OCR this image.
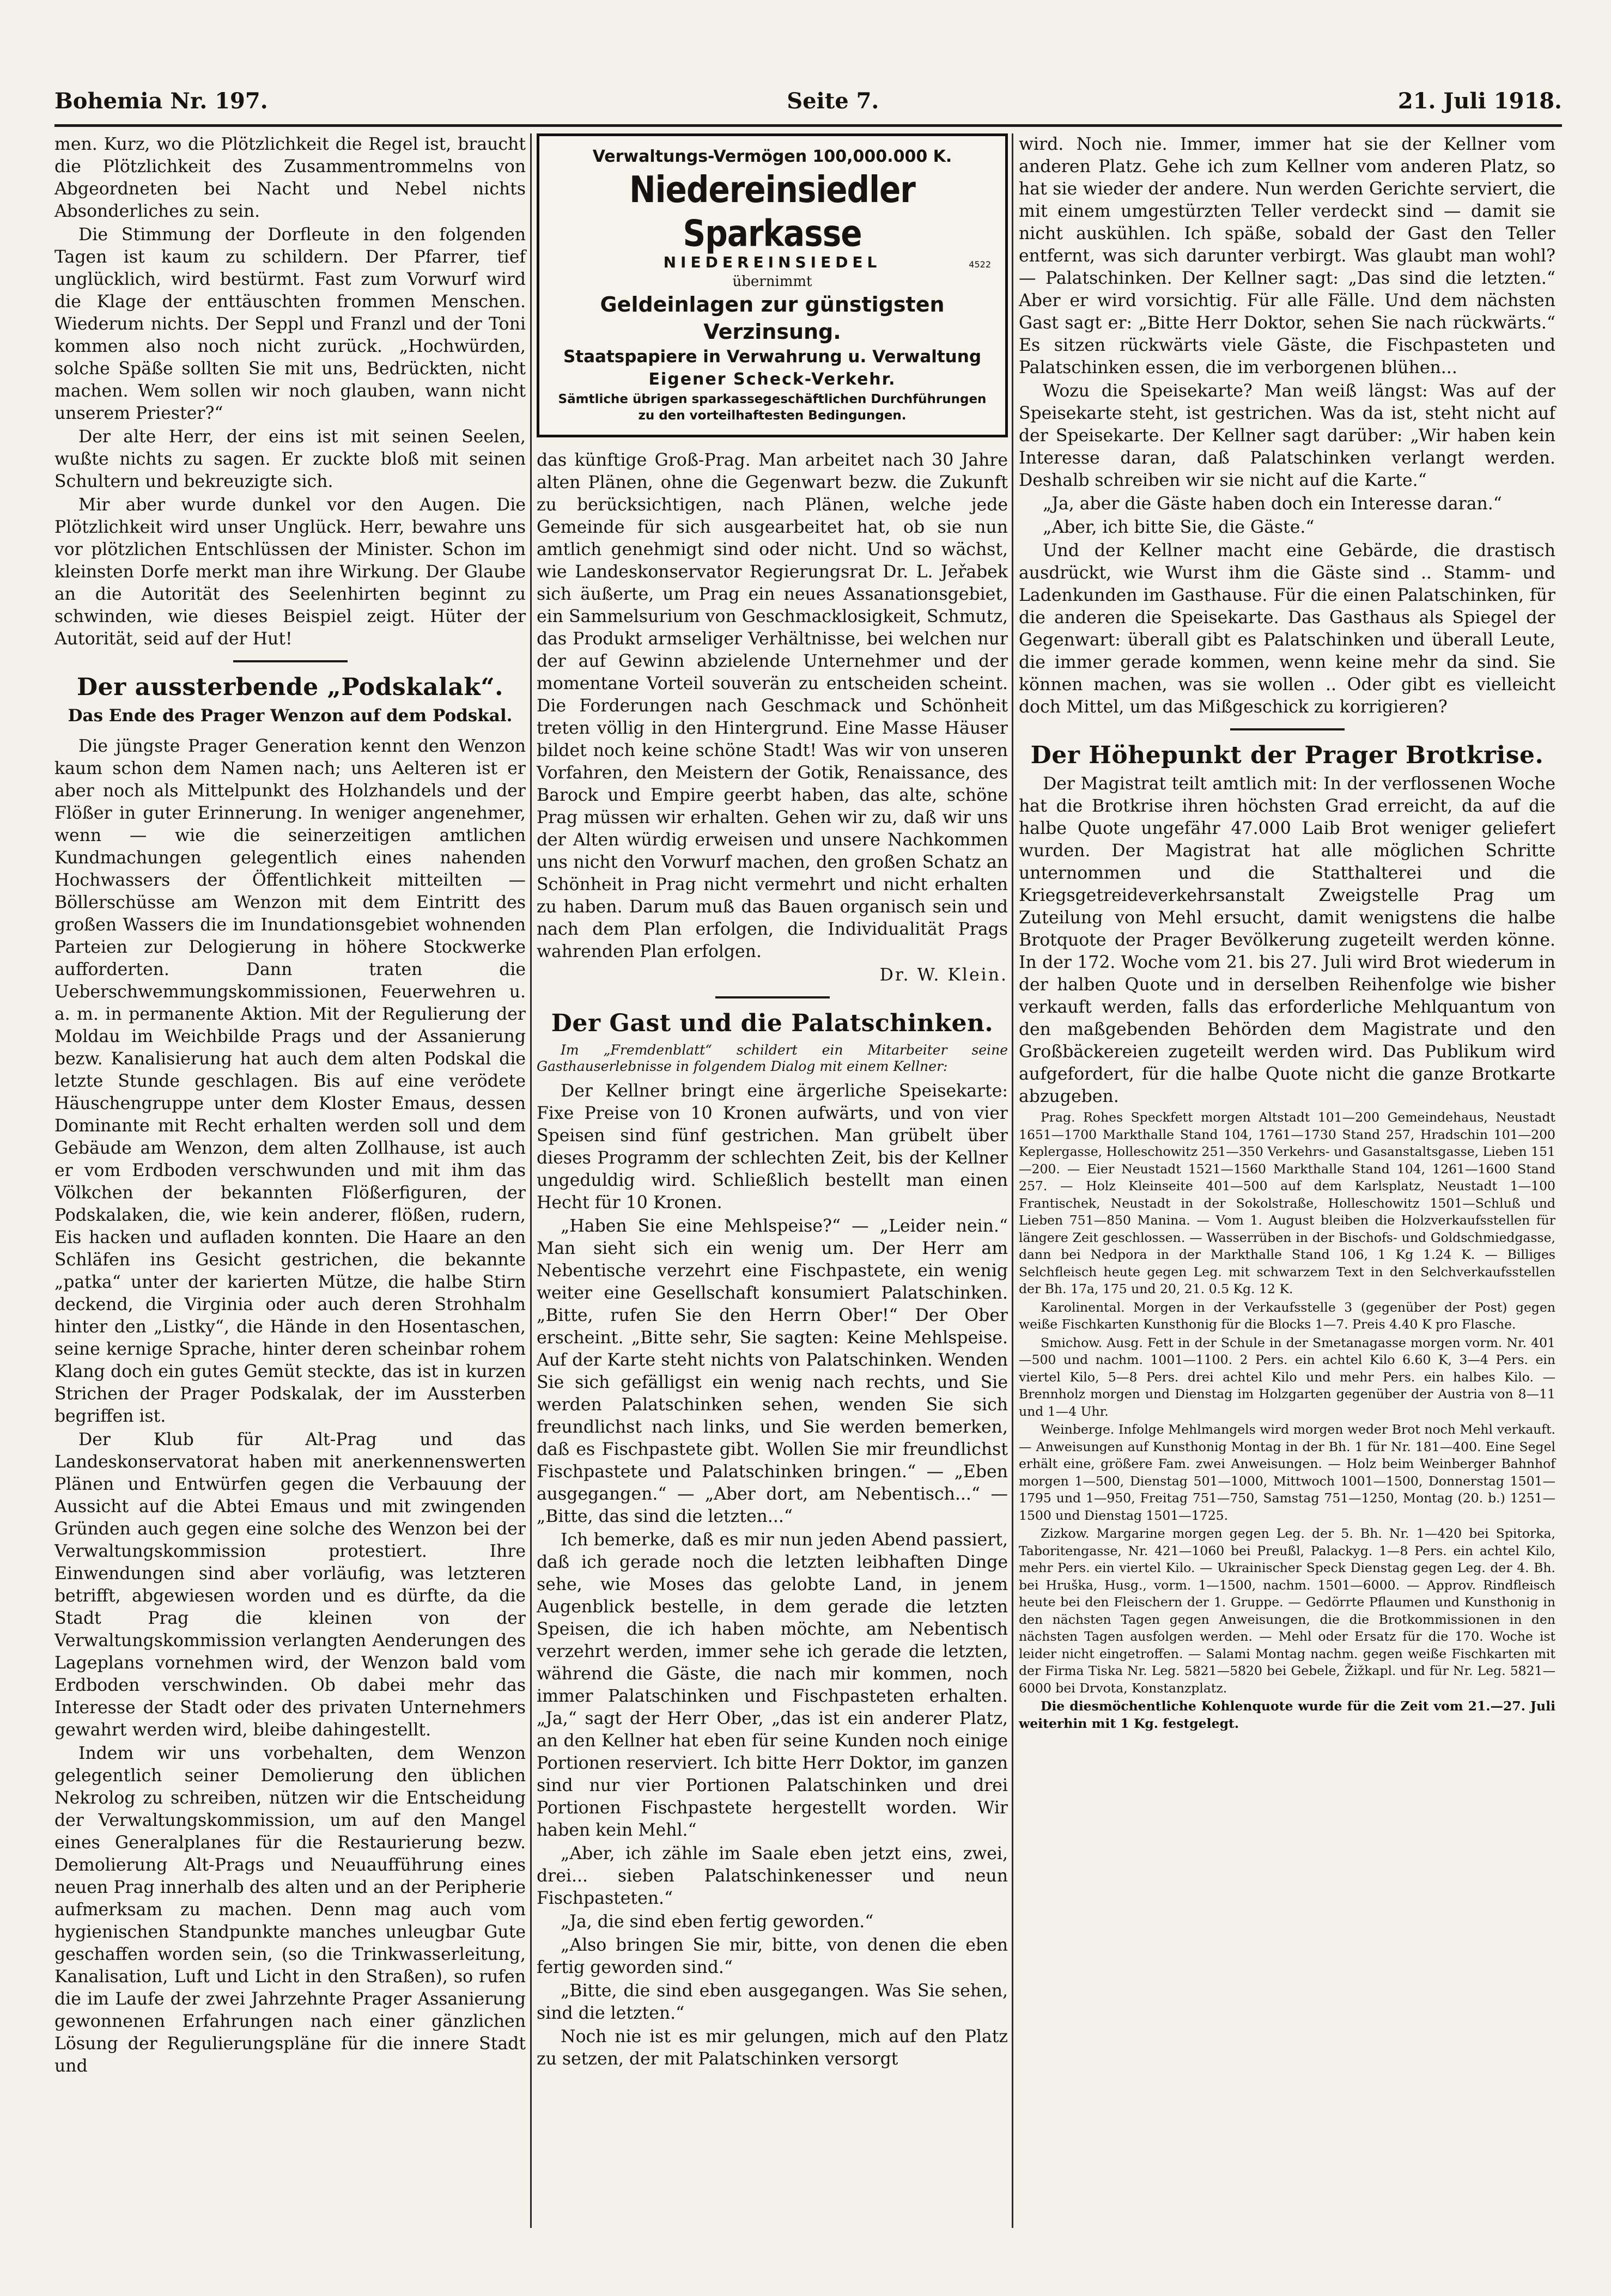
Bohemia Nr. 197.	Seite 7.	21. Juli 1918.

men. Kurz, wo die Plötzlichkeit die Regel ist, braucht die Plötzlichkeit des Zusammentrommelns von Abgeordneten bei Nacht und Nebel nichts Absonderliches zu sein.

Die Stimmung der Dorfleute in den folgenden Tagen ist kaum zu schildern. Der Pfarrer, tief unglücklich, wird bestürmt. Fast zum Vorwurf wird die Klage der enttäuschten frommen Menschen. Wiederum nichts. Der Seppl und Franzl und der Toni kommen also noch nicht zurück. „Hochwürden, solche Späße sollten Sie mit uns, Bedrückten, nicht machen. Wem sollen wir noch glauben, wann nicht unserem Priester?“

Der alte Herr, der eins ist mit seinen Seelen, wußte nichts zu sagen. Er zuckte bloß mit seinen Schultern und bekreuzigte sich.

Mir aber wurde dunkel vor den Augen. Die Plötzlichkeit wird unser Unglück. Herr, bewahre uns vor plötzlichen Entschlüssen der Minister. Schon im kleinsten Dorfe merkt man ihre Wirkung. Der Glaube an die Autorität des Seelenhirten beginnt zu schwinden, wie dieses Beispiel zeigt. Hüter der Autorität, seid auf der Hut!

Der aussterbende „Podskalak“.
Das Ende des Prager Wenzon auf dem Podskal.

Die jüngste Prager Generation kennt den Wenzon kaum schon dem Namen nach; uns Aelteren ist er aber noch als Mittelpunkt des Holzhandels und der Flößer in guter Erinnerung. In weniger angenehmer, wenn — wie die seinerzeitigen amtlichen Kundmachungen gelegentlich eines nahenden Hochwassers der Öffentlichkeit mitteilten — Böllerschüsse am Wenzon mit dem Eintritt des großen Wassers die im Inundationsgebiet wohnenden Parteien zur Delogierung in höhere Stockwerke aufforderten. Dann traten die Ueberschwemmungskommissionen, Feuerwehren u. a. m. in permanente Aktion. Mit der Regulierung der Moldau im Weichbilde Prags und der Assanierung bezw. Kanalisierung hat auch dem alten Podskal die letzte Stunde geschlagen. Bis auf eine verödete Häuschengruppe unter dem Kloster Emaus, dessen Dominante mit Recht erhalten werden soll und dem Gebäude am Wenzon, dem alten Zollhause, ist auch er vom Erdboden verschwunden und mit ihm das Völkchen der bekannten Flößerfiguren, der Podskalaken, die, wie kein anderer, flößen, rudern, Eis hacken und aufladen konnten. Die Haare an den Schläfen ins Gesicht gestrichen, die bekannte „patka“ unter der karierten Mütze, die halbe Stirn deckend, die Virginia oder auch deren Strohhalm hinter den „Listky“, die Hände in den Hosentaschen, seine kernige Sprache, hinter deren scheinbar rohem Klang doch ein gutes Gemüt steckte, das ist in kurzen Strichen der Prager Podskalak, der im Aussterben begriffen ist.

Der Klub für Alt-Prag und das Landeskonservatorat haben mit anerkennenswerten Plänen und Entwürfen gegen die Verbauung der Aussicht auf die Abtei Emaus und mit zwingenden Gründen auch gegen eine solche des Wenzon bei der Verwaltungskommission protestiert. Ihre Einwendungen sind aber vorläufig, was letzteren betrifft, abgewiesen worden und es dürfte, da die Stadt Prag die kleinen von der Verwaltungskommission verlangten Aenderungen des Lageplans vornehmen wird, der Wenzon bald vom Erdboden verschwinden. Ob dabei mehr das Interesse der Stadt oder des privaten Unternehmers gewahrt werden wird, bleibe dahingestellt.

Indem wir uns vorbehalten, dem Wenzon gelegentlich seiner Demolierung den üblichen Nekrolog zu schreiben, nützen wir die Entscheidung der Verwaltungskommission, um auf den Mangel eines Generalplanes für die Restaurierung bezw. Demolierung Alt-Prags und Neuaufführung eines neuen Prag innerhalb des alten und an der Peripherie aufmerksam zu machen. Denn mag auch vom hygienischen Standpunkte manches unleugbar Gute geschaffen worden sein, (so die Trinkwasserleitung, Kanalisation, Luft und Licht in den Straßen), so rufen die im Laufe der zwei Jahrzehnte Prager Assanierung gewonnenen Erfahrungen nach einer gänzlichen Lösung der Regulierungspläne für die innere Stadt und

Verwaltungs-Vermögen 100,000.000 K.
Niedereinsiedler Sparkasse
NIEDEREINSIEDEL	4522
übernimmt
Geldeinlagen zur günstigsten Verzinsung.
Staatspapiere in Verwahrung u. Verwaltung
Eigener Scheck-Verkehr.
Sämtliche übrigen sparkassegeschäftlichen Durchführungen zu den vorteilhaftesten Bedingungen.

das künftige Groß-Prag. Man arbeitet nach 30 Jahre alten Plänen, ohne die Gegenwart bezw. die Zukunft zu berücksichtigen, nach Plänen, welche jede Gemeinde für sich ausgearbeitet hat, ob sie nun amtlich genehmigt sind oder nicht. Und so wächst, wie Landeskonservator Regierungsrat Dr. L. Jeřabek sich äußerte, um Prag ein neues Assanationsgebiet, ein Sammelsurium von Geschmacklosigkeit, Schmutz, das Produkt armseliger Verhältnisse, bei welchen nur der auf Gewinn abzielende Unternehmer und der momentane Vorteil souverän zu entscheiden scheint. Die Forderungen nach Geschmack und Schönheit treten völlig in den Hintergrund. Eine Masse Häuser bildet noch keine schöne Stadt! Was wir von unseren Vorfahren, den Meistern der Gotik, Renaissance, des Barock und Empire geerbt haben, das alte, schöne Prag müssen wir erhalten. Gehen wir zu, daß wir uns der Alten würdig erweisen und unsere Nachkommen uns nicht den Vorwurf machen, den großen Schatz an Schönheit in Prag nicht vermehrt und nicht erhalten zu haben. Darum muß das Bauen organisch sein und nach dem Plan erfolgen, die Individualität Prags wahrenden Plan erfolgen.

Dr. W. Klein.

Der Gast und die Palatschinken.
Im „Fremdenblatt“ schildert ein Mitarbeiter seine Gasthauserlebnisse in folgendem Dialog mit einem Kellner:

Der Kellner bringt eine ärgerliche Speisekarte: Fixe Preise von 10 Kronen aufwärts, und von vier Speisen sind fünf gestrichen. Man grübelt über dieses Programm der schlechten Zeit, bis der Kellner ungeduldig wird. Schließlich bestellt man einen Hecht für 10 Kronen.

„Haben Sie eine Mehlspeise?“ — „Leider nein.“ Man sieht sich ein wenig um. Der Herr am Nebentische verzehrt eine Fischpastete, ein wenig weiter eine Gesellschaft konsumiert Palatschinken. „Bitte, rufen Sie den Herrn Ober!“ Der Ober erscheint. „Bitte sehr, Sie sagten: Keine Mehlspeise. Auf der Karte steht nichts von Palatschinken. Wenden Sie sich gefälligst ein wenig nach rechts, und Sie werden Palatschinken sehen, wenden Sie sich freundlichst nach links, und Sie werden bemerken, daß es Fischpastete gibt. Wollen Sie mir freundlichst Fischpastete und Palatschinken bringen.“ — „Eben ausgegangen.“ — „Aber dort, am Nebentisch...“ — „Bitte, das sind die letzten...“

Ich bemerke, daß es mir nun jeden Abend passiert, daß ich gerade noch die letzten leibhaften Dinge sehe, wie Moses das gelobte Land, in jenem Augenblick bestelle, in dem gerade die letzten Speisen, die ich haben möchte, am Nebentisch verzehrt werden, immer sehe ich gerade die letzten, während die Gäste, die nach mir kommen, noch immer Palatschinken und Fischpasteten erhalten. „Ja,“ sagt der Herr Ober, „das ist ein anderer Platz, an den Kellner hat eben für seine Kunden noch einige Portionen reserviert. Ich bitte Herr Doktor, im ganzen sind nur vier Portionen Palatschinken und drei Portionen Fischpastete hergestellt worden. Wir haben kein Mehl.“

„Aber, ich zähle im Saale eben jetzt eins, zwei, drei... sieben Palatschinkenesser und neun Fischpasteten.“

„Ja, die sind eben fertig geworden.“

„Also bringen Sie mir, bitte, von denen die eben fertig geworden sind.“

„Bitte, die sind eben ausgegangen. Was Sie sehen, sind die letzten.“

Noch nie ist es mir gelungen, mich auf den Platz zu setzen, der mit Palatschinken versorgt

wird. Noch nie. Immer, immer hat sie der Kellner vom anderen Platz. Gehe ich zum Kellner vom anderen Platz, so hat sie wieder der andere. Nun werden Gerichte serviert, die mit einem umgestürzten Teller verdeckt sind — damit sie nicht auskühlen. Ich späße, sobald der Gast den Teller entfernt, was sich darunter verbirgt. Was glaubt man wohl? — Palatschinken. Der Kellner sagt: „Das sind die letzten.“ Aber er wird vorsichtig. Für alle Fälle. Und dem nächsten Gast sagt er: „Bitte Herr Doktor, sehen Sie nach rückwärts.“ Es sitzen rückwärts viele Gäste, die Fischpasteten und Palatschinken essen, die im verborgenen blühen...

Wozu die Speisekarte? Man weiß längst: Was auf der Speisekarte steht, ist gestrichen. Was da ist, steht nicht auf der Speisekarte. Der Kellner sagt darüber: „Wir haben kein Interesse daran, daß Palatschinken verlangt werden. Deshalb schreiben wir sie nicht auf die Karte.“

„Ja, aber die Gäste haben doch ein Interesse daran.“

„Aber, ich bitte Sie, die Gäste.“

Und der Kellner macht eine Gebärde, die drastisch ausdrückt, wie Wurst ihm die Gäste sind .. Stamm- und Ladenkunden im Gasthause. Für die einen Palatschinken, für die anderen die Speisekarte. Das Gasthaus als Spiegel der Gegenwart: überall gibt es Palatschinken und überall Leute, die immer gerade kommen, wenn keine mehr da sind. Sie können machen, was sie wollen .. Oder gibt es vielleicht doch Mittel, um das Mißgeschick zu korrigieren?

Der Höhepunkt der Prager Brotkrise.

Der Magistrat teilt amtlich mit: In der verflossenen Woche hat die Brotkrise ihren höchsten Grad erreicht, da auf die halbe Quote ungefähr 47.000 Laib Brot weniger geliefert wurden. Der Magistrat hat alle möglichen Schritte unternommen und die Statthalterei und die Kriegsgetreideverkehrsanstalt Zweigstelle Prag um Zuteilung von Mehl ersucht, damit wenigstens die halbe Brotquote der Prager Bevölkerung zugeteilt werden könne. In der 172. Woche vom 21. bis 27. Juli wird Brot wiederum in der halben Quote und in derselben Reihenfolge wie bisher verkauft werden, falls das erforderliche Mehlquantum von den maßgebenden Behörden dem Magistrate und den Großbäckereien zugeteilt werden wird. Das Publikum wird aufgefordert, für die halbe Quote nicht die ganze Brotkarte abzugeben.

Prag. Rohes Speckfett morgen Altstadt 101—200 Gemeindehaus, Neustadt 1651—1700 Markthalle Stand 104, 1761—1730 Stand 257, Hradschin 101—200 Keplergasse, Holleschowitz 251—350 Verkehrs- und Gasanstaltsgasse, Lieben 151—200. — Eier Neustadt 1521—1560 Markthalle Stand 104, 1261—1600 Stand 257. — Holz Kleinseite 401—500 auf dem Karlsplatz, Neustadt 1—100 Frantischek, Neustadt in der Sokolstraße, Holleschowitz 1501—Schluß und Lieben 751—850 Manina. — Vom 1. August bleiben die Holzverkaufsstellen für längere Zeit geschlossen. — Wasserrüben in der Bischofs- und Goldschmiedgasse, dann bei Nedpora in der Markthalle Stand 106, 1 Kg 1.24 K. — Billiges Selchfleisch heute gegen Leg. mit schwarzem Text in den Selchverkaufsstellen der Bh. 17a, 175 und 20, 21. 0.5 Kg. 12 K.

Karolinental. Morgen in der Verkaufsstelle 3 (gegenüber der Post) gegen weiße Fischkarten Kunsthonig für die Blocks 1—7. Preis 4.40 K pro Flasche.

Smichow. Ausg. Fett in der Schule in der Smetanagasse morgen vorm. Nr. 401—500 und nachm. 1001—1100. 2 Pers. ein achtel Kilo 6.60 K, 3—4 Pers. ein viertel Kilo, 5—8 Pers. drei achtel Kilo und mehr Pers. ein halbes Kilo. — Brennholz morgen und Dienstag im Holzgarten gegenüber der Austria von 8—11 und 1—4 Uhr.

Weinberge. Infolge Mehlmangels wird morgen weder Brot noch Mehl verkauft. — Anweisungen auf Kunsthonig Montag in der Bh. 1 für Nr. 181—400. Eine Segel erhält eine, größere Fam. zwei Anweisungen. — Holz beim Weinberger Bahnhof morgen 1—500, Dienstag 501—1000, Mittwoch 1001—1500, Donnerstag 1501—1795 und 1—950, Freitag 751—750, Samstag 751—1250, Montag (20. b.) 1251—1500 und Dienstag 1501—1725.

Zizkow. Margarine morgen gegen Leg. der 5. Bh. Nr. 1—420 bei Spitorka, Taboritengasse, Nr. 421—1060 bei Preußl, Palackyg. 1—8 Pers. ein achtel Kilo, mehr Pers. ein viertel Kilo. — Ukrainischer Speck Dienstag gegen Leg. der 4. Bh. bei Hruška, Husg., vorm. 1—1500, nachm. 1501—6000. — Approv. Rindfleisch heute bei den Fleischern der 1. Gruppe. — Gedörrte Pflaumen und Kunsthonig in den nächsten Tagen gegen Anweisungen, die die Brotkommissionen in den nächsten Tagen ausfolgen werden. — Mehl oder Ersatz für die 170. Woche ist leider nicht eingetroffen. — Salami Montag nachm. gegen weiße Fischkarten mit der Firma Tiska Nr. Leg. 5821—5820 bei Gebele, Žižkapl. und für Nr. Leg. 5821—6000 bei Drvota, Konstanzplatz.

Die diesmöchentliche Kohlenquote wurde für die Zeit vom 21.—27. Juli weiterhin mit 1 Kg. festgelegt.
